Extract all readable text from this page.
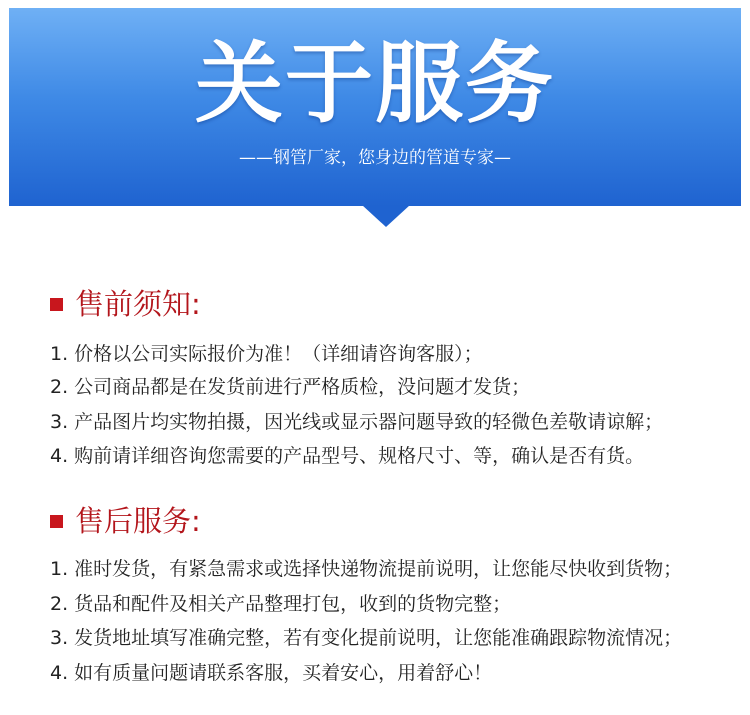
关于服务
——钢管厂家，您身边的管道专家—
售前须知:
1. 价格以公司实际报价为准！（详细请咨询客服）；
2. 公司商品都是在发货前进行严格质检，没问题才发货；
3. 产品图片均实物拍摄，因光线或显示器问题导致的轻微色差敬请谅解；
4. 购前请详细咨询您需要的产品型号、规格尺寸、等，确认是否有货。
售后服务:
1. 准时发货，有紧急需求或选择快递物流提前说明，让您能尽快收到货物；
2. 货品和配件及相关产品整理打包，收到的货物完整；
3. 发货地址填写准确完整，若有变化提前说明，让您能准确跟踪物流情况；
4. 如有质量问题请联系客服，买着安心，用着舒心！
